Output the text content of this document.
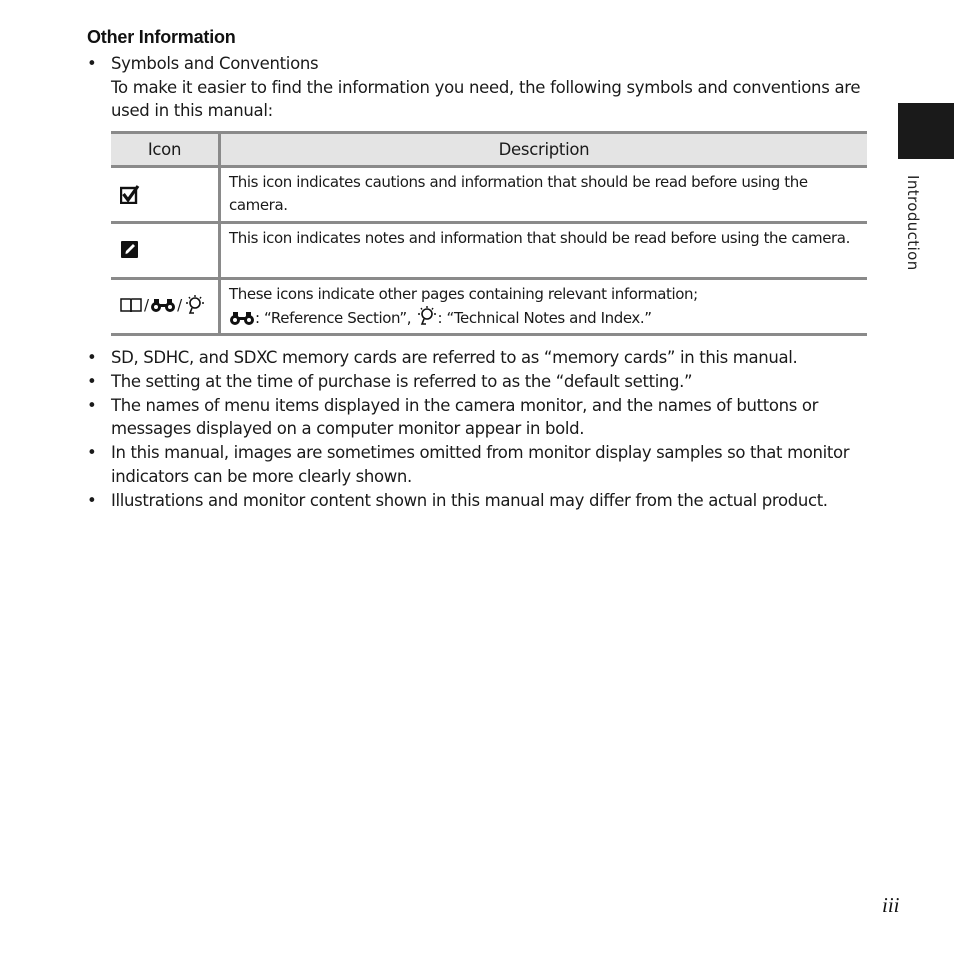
Other Information
• Symbols and Conventions
To make it easier to find the information you need, the following symbols and conventions are used in this manual:
Icon	Description
This icon indicates cautions and information that should be read before using the camera.
This icon indicates notes and information that should be read before using the camera.
/ /
These icons indicate other pages containing relevant information;
: “Reference Section”, : “Technical Notes and Index.”
• SD, SDHC, and SDXC memory cards are referred to as “memory cards” in this manual.
• The setting at the time of purchase is referred to as the “default setting.”
• The names of menu items displayed in the camera monitor, and the names of buttons or messages displayed on a computer monitor appear in bold.
• In this manual, images are sometimes omitted from monitor display samples so that monitor indicators can be more clearly shown.
• Illustrations and monitor content shown in this manual may differ from the actual product.
Introduction
iii
